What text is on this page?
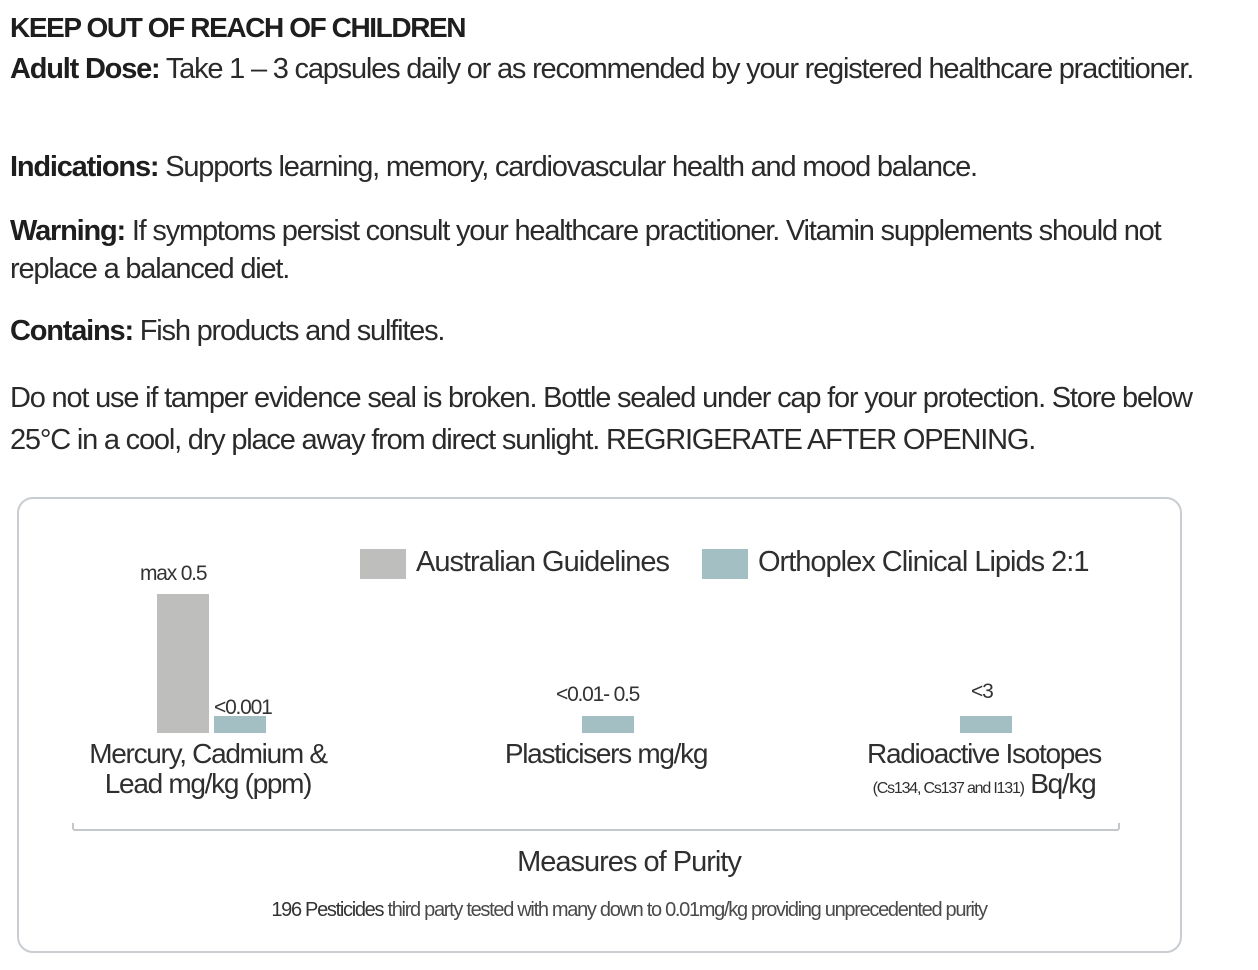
KEEP OUT OF REACH OF CHILDREN
Adult Dose: Take 1 – 3 capsules daily or as recommended by your registered healthcare practitioner.
Indications: Supports learning, memory, cardiovascular health and mood balance.
Warning: If symptoms persist consult your healthcare practitioner. Vitamin supplements should not replace a balanced diet.
Contains: Fish products and sulfites.
Do not use if tamper evidence seal is broken. Bottle sealed under cap for your protection. Store below 25°C in a cool, dry place away from direct sunlight. REGRIGERATE AFTER OPENING.
Australian Guidelines	Orthoplex Clinical Lipids 2:1
max 0.5
<0.001
<0.01- 0.5	<3
Mercury, Cadmium &
Lead mg/kg (ppm)
Plasticisers mg/kg	Radioactive Isotopes
(Cs134, Cs137 and I131) Bq/kg
Measures of Purity
196 Pesticides third party tested with many down to 0.01mg/kg providing unprecedented purity
